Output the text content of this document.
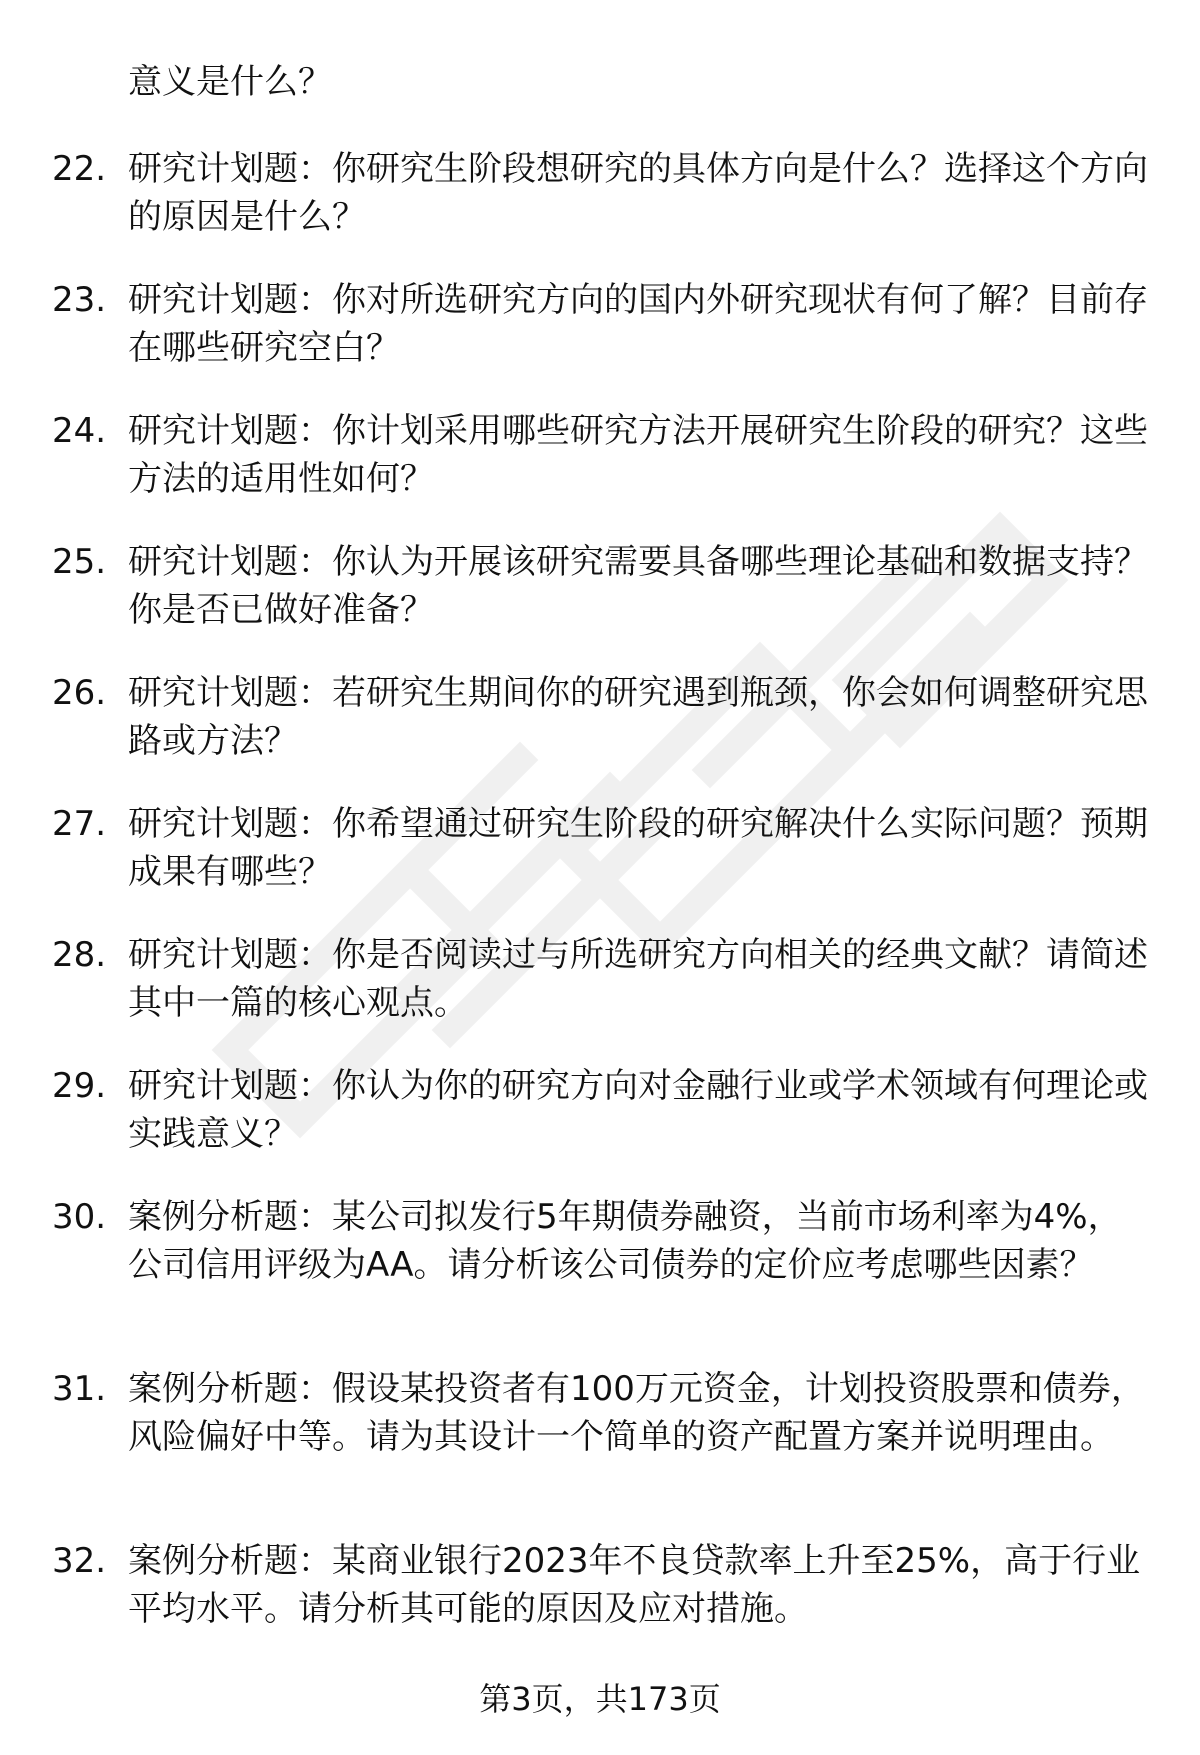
意义是什么？
22. 研究计划题：你研究生阶段想研究的具体方向是什么？选择这个方向的原因是什么？
23. 研究计划题：你对所选研究方向的国内外研究现状有何了解？目前存在哪些研究空白？
24. 研究计划题：你计划采用哪些研究方法开展研究生阶段的研究？这些方法的适用性如何？
25. 研究计划题：你认为开展该研究需要具备哪些理论基础和数据支持？你是否已做好准备？
26. 研究计划题：若研究生期间你的研究遇到瓶颈，你会如何调整研究思路或方法？
27. 研究计划题：你希望通过研究生阶段的研究解决什么实际问题？预期成果有哪些？
28. 研究计划题：你是否阅读过与所选研究方向相关的经典文献？请简述其中一篇的核心观点。
29. 研究计划题：你认为你的研究方向对金融行业或学术领域有何理论或实践意义？
30. 案例分析题：某公司拟发行5年期债券融资，当前市场利率为4%，公司信用评级为AA。请分析该公司债券的定价应考虑哪些因素？
31. 案例分析题：假设某投资者有100万元资金，计划投资股票和债券，风险偏好中等。请为其设计一个简单的资产配置方案并说明理由。
32. 案例分析题：某商业银行2023年不良贷款率上升至25%，高于行业平均水平。请分析其可能的原因及应对措施。
第3页，共173页
